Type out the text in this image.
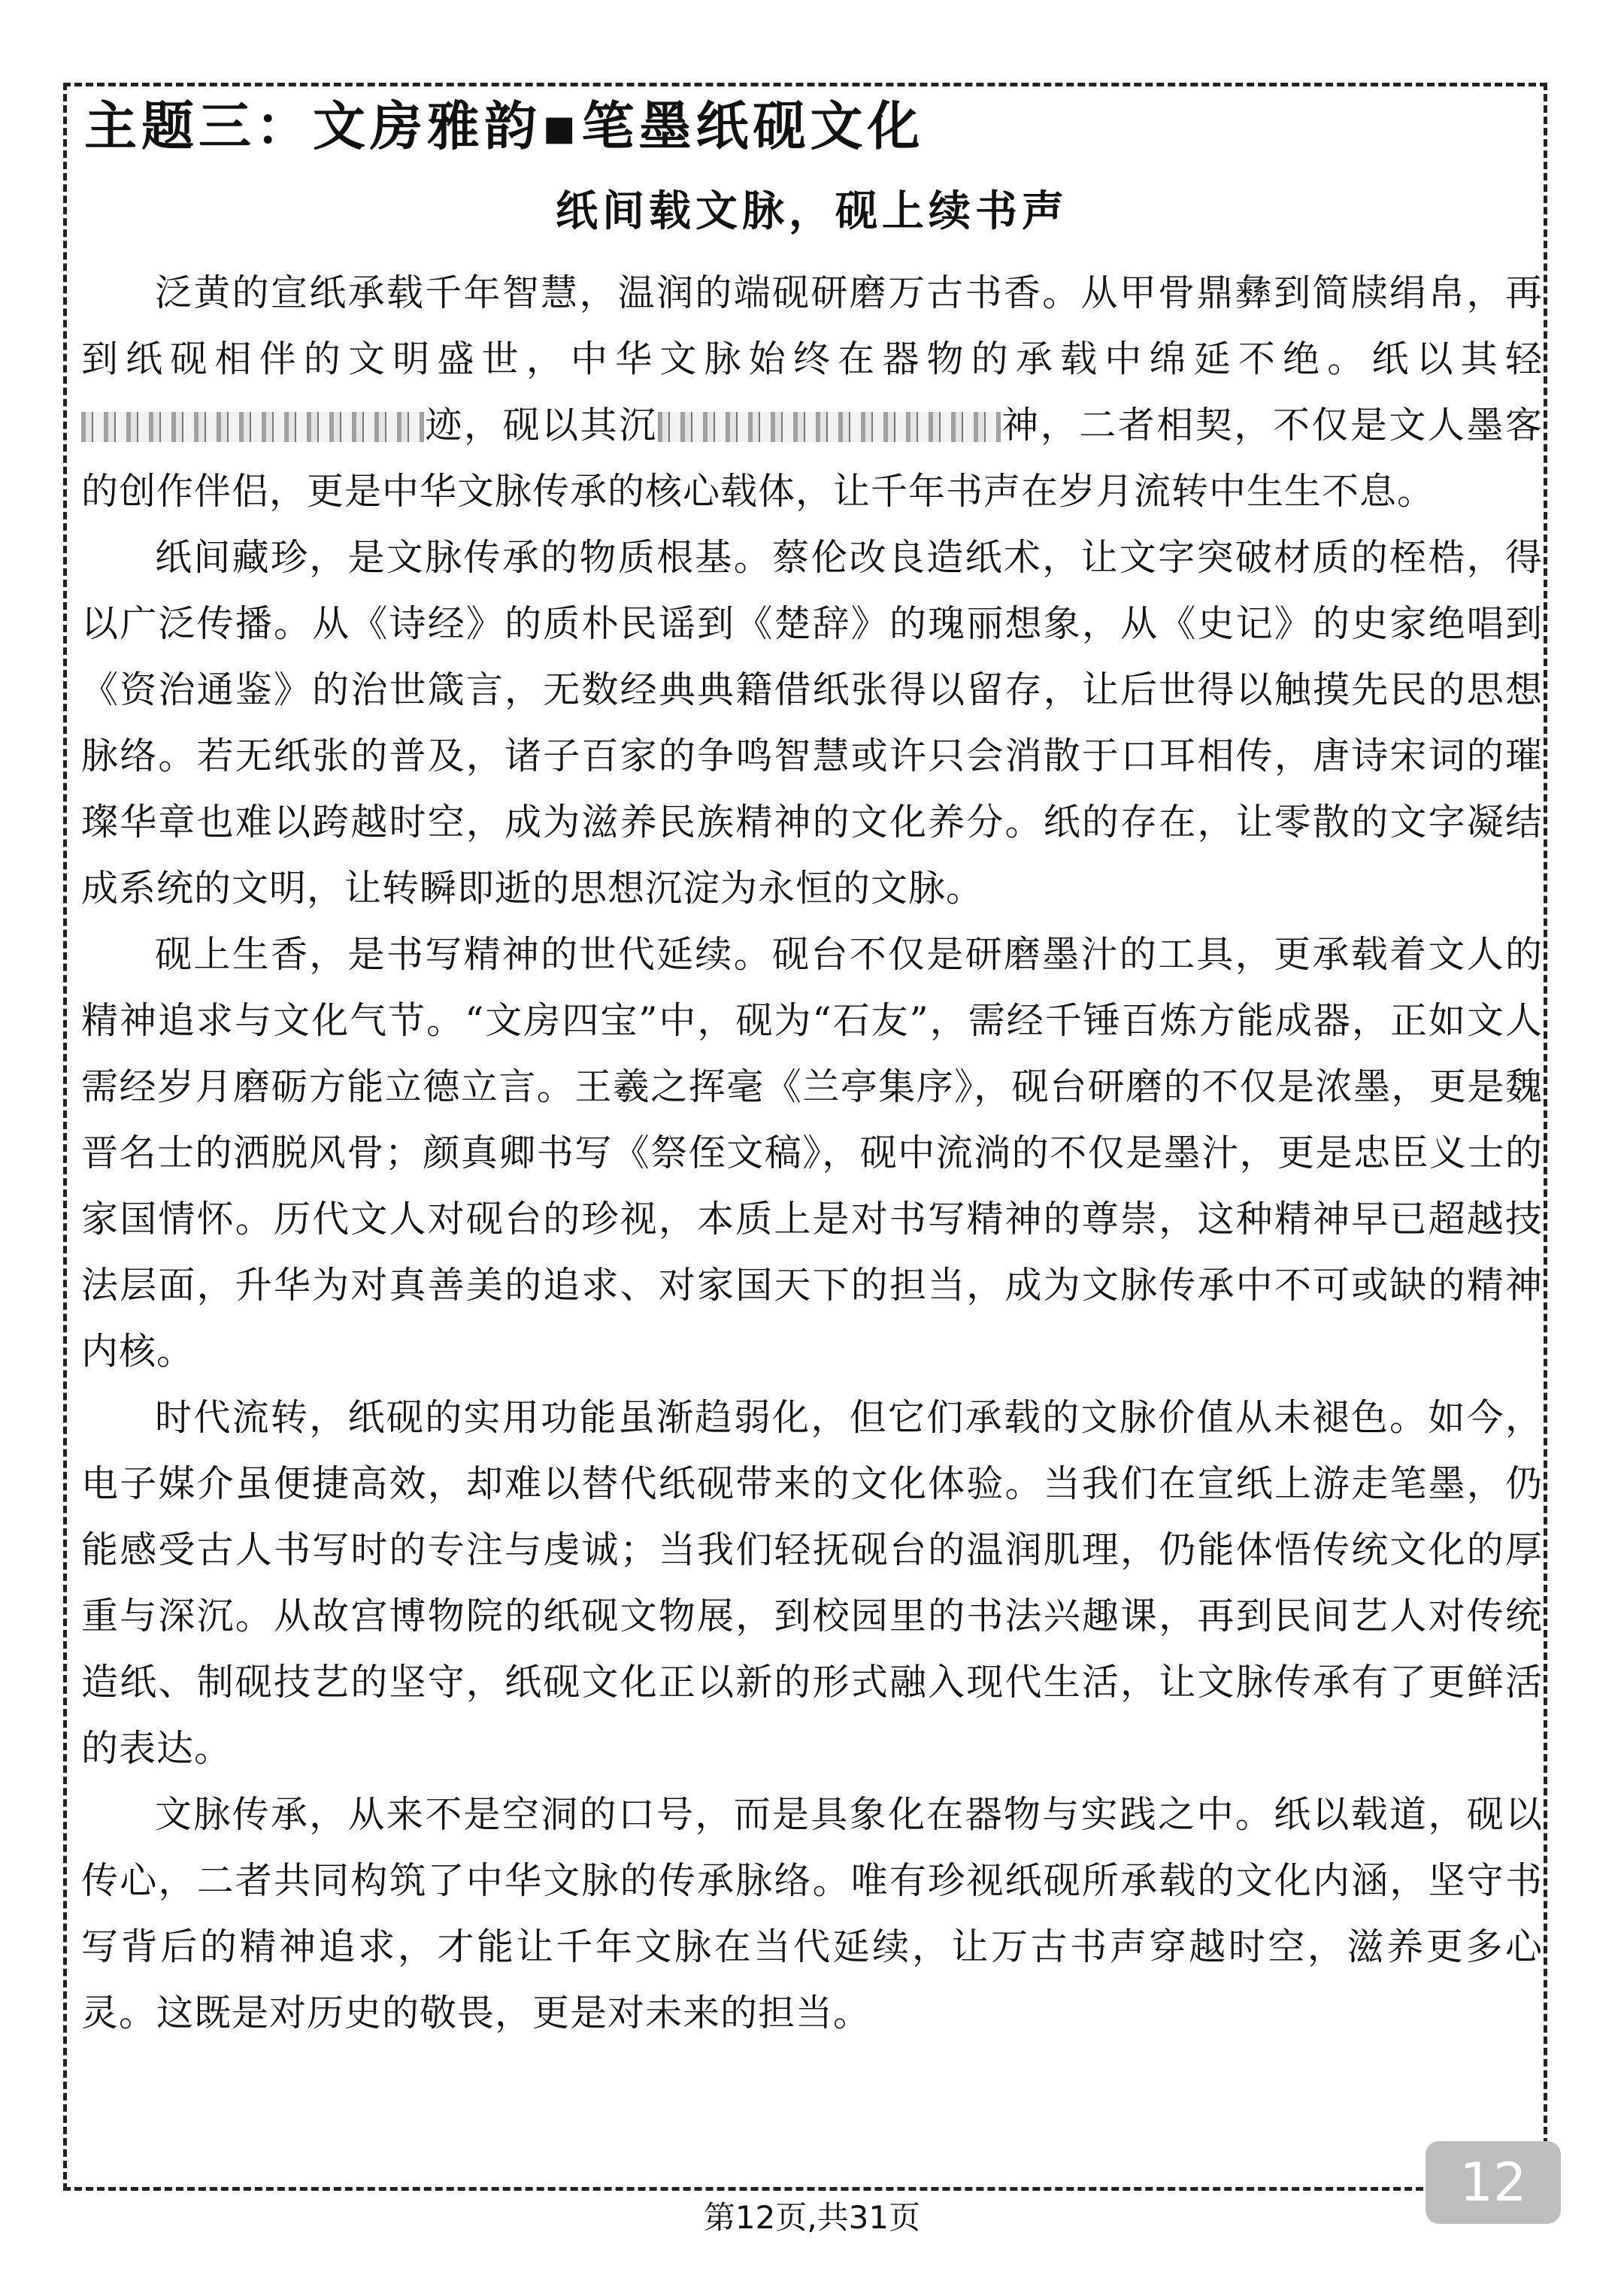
主题三：文房雅韵▪笔墨纸砚文化
纸间载文脉，砚上续书声

泛黄的宣纸承载千年智慧，温润的端砚研磨万古书香。从甲骨鼎彝到简牍绢帛，再到纸砚相伴的文明盛世，中华文脉始终在器物的承载中绵延不绝。纸以其轻迹，砚以其沉	神，二者相契，不仅是文人墨客的创作伴侣，更是中华文脉传承的核心载体，让千年书声在岁月流转中生生不息。

纸间藏珍，是文脉传承的物质根基。蔡伦改良造纸术，让文字突破材质的桎梏，得以广泛传播。从《诗经》的质朴民谣到《楚辞》的瑰丽想象，从《史记》的史家绝唱到《资治通鉴》的治世箴言，无数经典典籍借纸张得以留存，让后世得以触摸先民的思想脉络。若无纸张的普及，诸子百家的争鸣智慧或许只会消散于口耳相传，唐诗宋词的璀璨华章也难以跨越时空，成为滋养民族精神的文化养分。纸的存在，让零散的文字凝结成系统的文明，让转瞬即逝的思想沉淀为永恒的文脉。

砚上生香，是书写精神的世代延续。砚台不仅是研磨墨汁的工具，更承载着文人的精神追求与文化气节。“文房四宝”中，砚为“石友”，需经千锤百炼方能成器，正如文人需经岁月磨砺方能立德立言。王羲之挥毫《兰亭集序》，砚台研磨的不仅是浓墨，更是魏晋名士的洒脱风骨；颜真卿书写《祭侄文稿》，砚中流淌的不仅是墨汁，更是忠臣义士的家国情怀。历代文人对砚台的珍视，本质上是对书写精神的尊崇，这种精神早已超越技法层面，升华为对真善美的追求、对家国天下的担当，成为文脉传承中不可或缺的精神内核。

时代流转，纸砚的实用功能虽渐趋弱化，但它们承载的文脉价值从未褪色。如今，电子媒介虽便捷高效，却难以替代纸砚带来的文化体验。当我们在宣纸上游走笔墨，仍能感受古人书写时的专注与虔诚；当我们轻抚砚台的温润肌理，仍能体悟传统文化的厚重与深沉。从故宫博物院的纸砚文物展，到校园里的书法兴趣课，再到民间艺人对传统造纸、制砚技艺的坚守，纸砚文化正以新的形式融入现代生活，让文脉传承有了更鲜活的表达。

文脉传承，从来不是空洞的口号，而是具象化在器物与实践之中。纸以载道，砚以传心，二者共同构筑了中华文脉的传承脉络。唯有珍视纸砚所承载的文化内涵，坚守书写背后的精神追求，才能让千年文脉在当代延续，让万古书声穿越时空，滋养更多心灵。这既是对历史的敬畏，更是对未来的担当。

第12页,共31页
12
